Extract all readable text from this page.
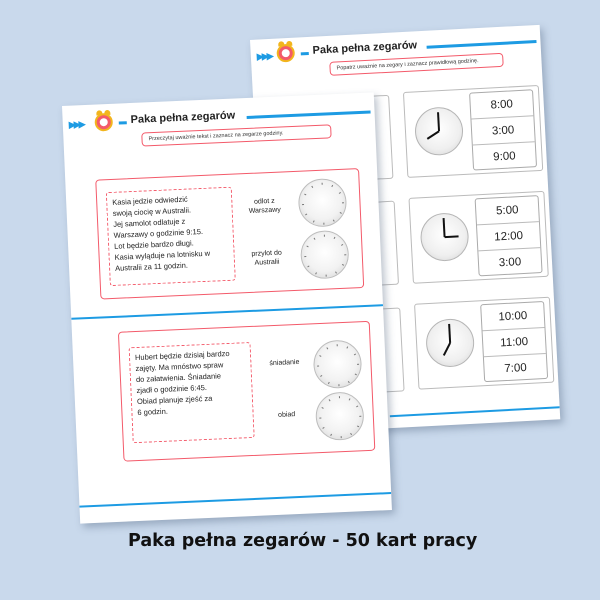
▶▶▶	Paka pełna zegarów
Popatrz uważnie na zegary i zaznacz prawidłową godzinę.
8:00
3:00
9:00
5:00
12:00
3:00
10:00
11:00
7:00
▶▶▶	Paka pełna zegarów
Przeczytaj uważnie tekst i zaznacz na zegarze godziny.
Kasia jedzie odwiedzić
swoją ciocię w Australii.
Jej samolot odlatuje z
Warszawy o godzinie 9:15.
Lot będzie bardzo długi.
Kasia wyląduje na lotnisku w
Australii za 11 godzin.
odlot z
Warszawy
przylot do
Australii
Hubert będzie dzisiaj bardzo
zajęty. Ma mnóstwo spraw
do załatwienia. Śniadanie
zjadł o godzinie 6:45.
Obiad planuje zjeść za
6 godzin.
śniadanie
obiad
Paka pełna zegarów - 50 kart pracy
